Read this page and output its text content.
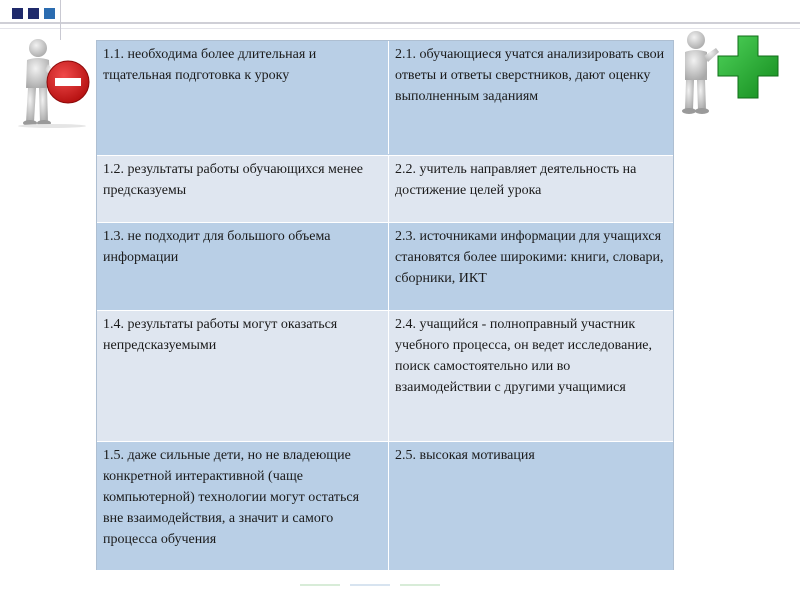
1.1. необходима более длительная и тщательная подготовка к уроку
2.1. обучающиеся учатся анализировать свои ответы и ответы сверстников, дают оценку выполненным заданиям
1.2. результаты работы обучающихся менее предсказуемы
2.2. учитель направляет деятельность на достижение целей урока
1.3. не подходит для большого объема информации
2.3. источниками информации для учащихся становятся более широкими: книги, словари, сборники, ИКТ
1.4. результаты работы могут оказаться непредсказуемыми
2.4. учащийся - полноправный участник учебного процесса, он ведет исследование, поиск самостоятельно или во взаимодействии с другими учащимися
1.5. даже сильные дети, но не владеющие конкретной интерактивной (чаще компьютерной) технологии могут остаться вне взаимодействия, а значит и самого процесса обучения
2.5. высокая мотивация
